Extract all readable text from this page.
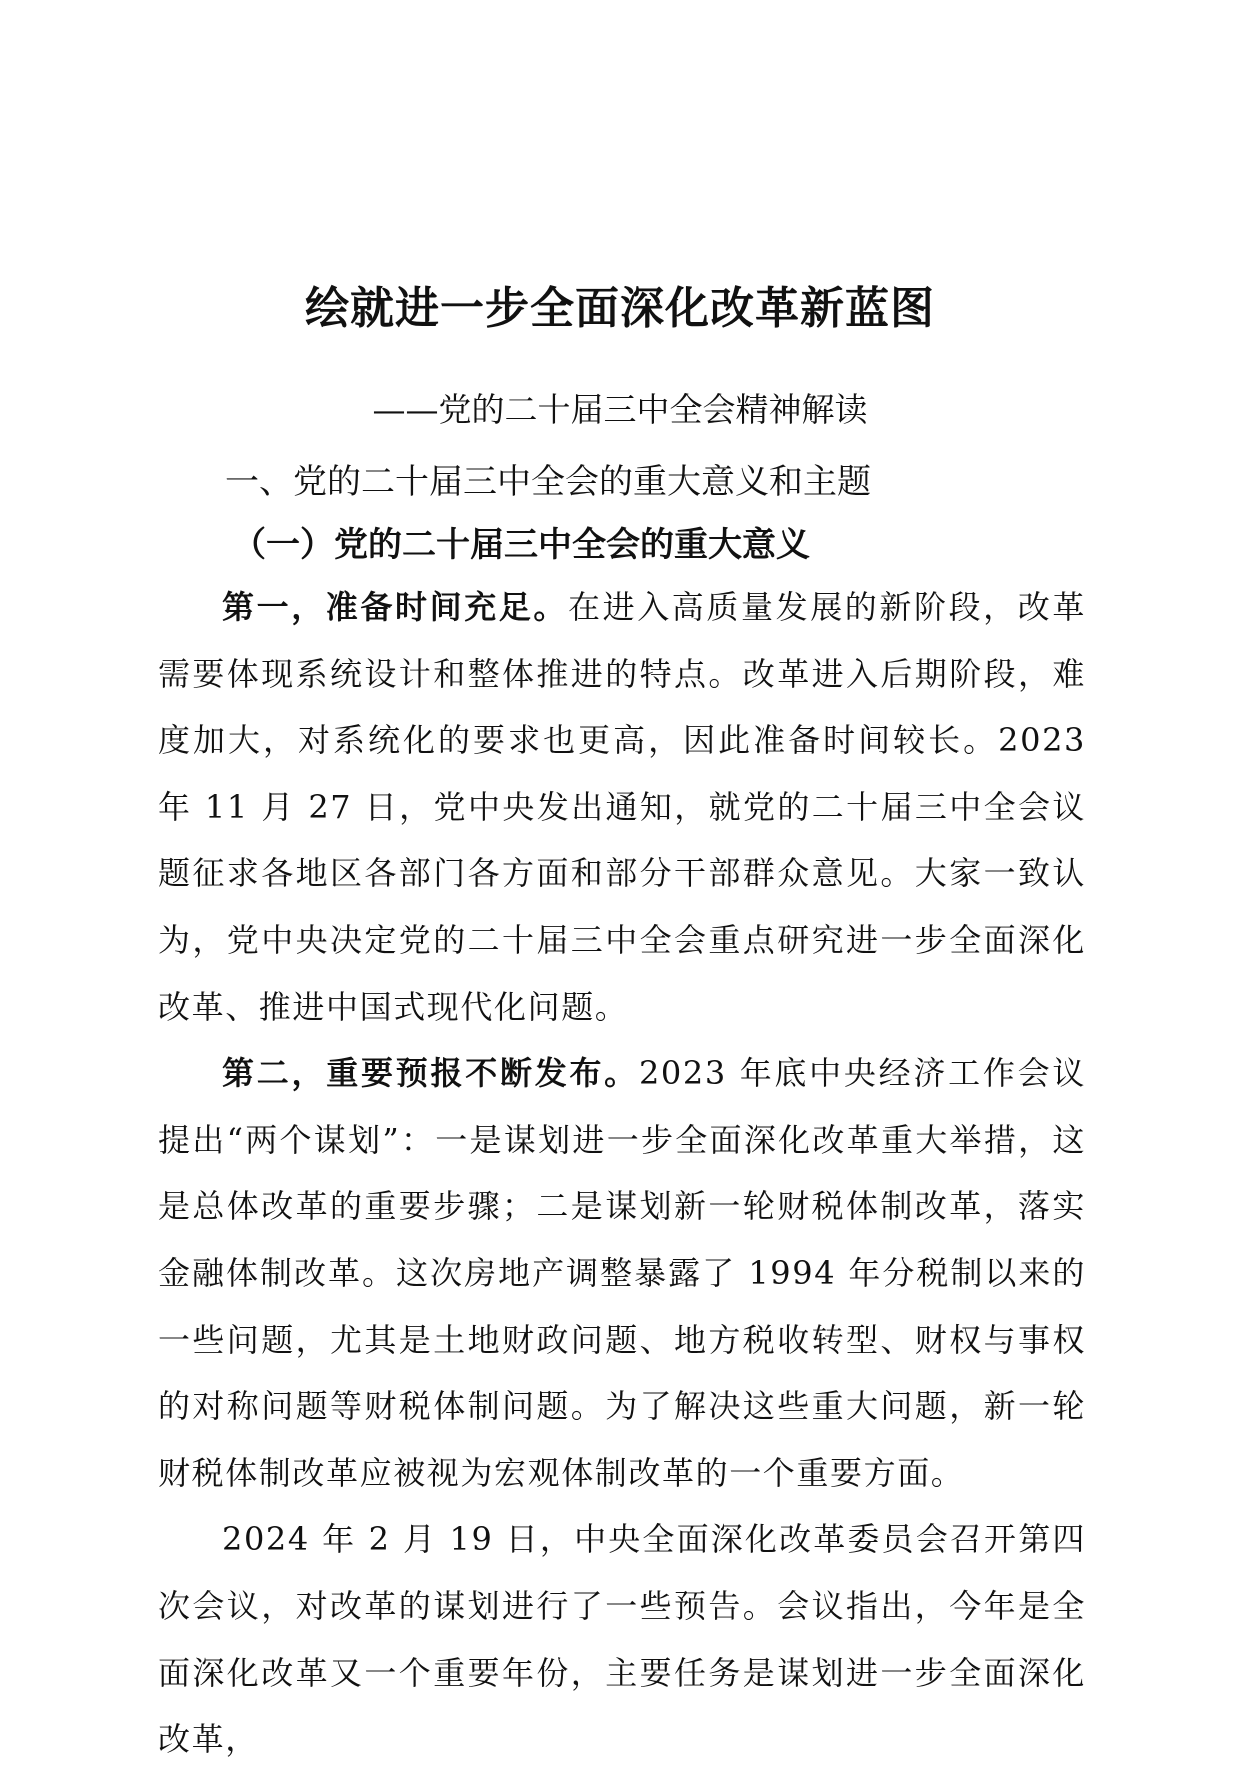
绘就进一步全面深化改革新蓝图

——党的二十届三中全会精神解读

一、党的二十届三中全会的重大意义和主题
（一）党的二十届三中全会的重大意义

第一，准备时间充足。在进入高质量发展的新阶段，改革需要体现系统设计和整体推进的特点。改革进入后期阶段，难度加大，对系统化的要求也更高，因此准备时间较长。2023 年 11 月 27 日，党中央发出通知，就党的二十届三中全会议题征求各地区各部门各方面和部分干部群众意见。大家一致认为，党中央决定党的二十届三中全会重点研究进一步全面深化改革、推进中国式现代化问题。

第二，重要预报不断发布。2023 年底中央经济工作会议提出“两个谋划”：一是谋划进一步全面深化改革重大举措，这是总体改革的重要步骤；二是谋划新一轮财税体制改革，落实金融体制改革。这次房地产调整暴露了 1994 年分税制以来的一些问题，尤其是土地财政问题、地方税收转型、财权与事权的对称问题等财税体制问题。为了解决这些重大问题，新一轮财税体制改革应被视为宏观体制改革的一个重要方面。

2024 年 2 月 19 日，中央全面深化改革委员会召开第四次会议，对改革的谋划进行了一些预告。会议指出，今年是全面深化改革又一个重要年份，主要任务是谋划进一步全面深化改革，
